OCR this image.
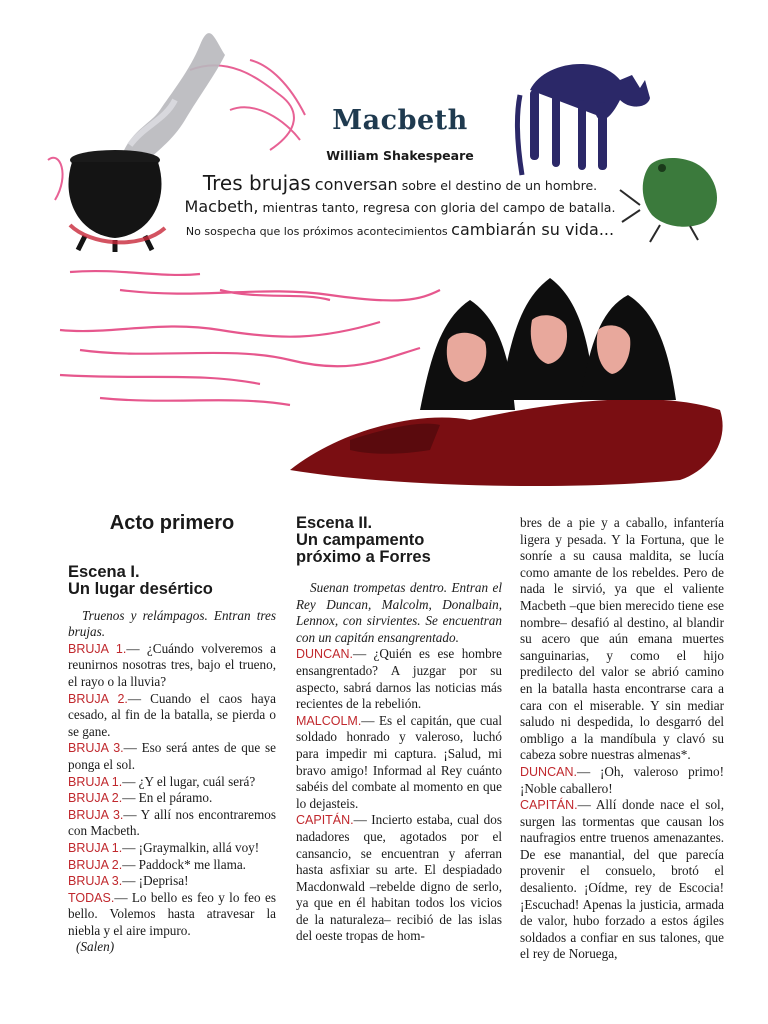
Macbeth
William Shakespeare
Tres brujas conversan sobre el destino de un hombre.
Macbeth, mientras tanto, regresa con gloria del campo de batalla.
No sospecha que los próximos acontecimientos cambiarán su vida...
Acto primero
Escena I.
Un lugar desértico

Truenos y relámpagos. Entran tres brujas.

BRUJA 1.— ¿Cuándo volveremos a reunirnos nosotras tres, bajo el trueno, el rayo o la lluvia?

BRUJA 2.— Cuando el caos haya cesado, al fin de la batalla, se pierda o se gane.

BRUJA 3.— Eso será antes de que se ponga el sol.

BRUJA 1.— ¿Y el lugar, cuál será?

BRUJA 2.— En el páramo.

BRUJA 3.— Y allí nos encontraremos con Macbeth.

BRUJA 1.— ¡Graymalkin, allá voy!

BRUJA 2.— Paddock* me llama.

BRUJA 3.— ¡Deprisa!

TODAS.— Lo bello es feo y lo feo es bello. Volemos hasta atravesar la niebla y el aire impuro.

(Salen)

Escena II.
Un campamento
próximo a Forres

Suenan trompetas dentro. Entran el Rey Duncan, Malcolm, Donalbain, Lennox, con sirvientes. Se encuentran con un capitán ensangrentado.

DUNCAN.— ¿Quién es ese hombre ensangrentado? A juzgar por su aspecto, sabrá darnos las noticias más recientes de la rebelión.

MALCOLM.— Es el capitán, que cual soldado honrado y valeroso, luchó para impedir mi captura. ¡Salud, mi bravo amigo! Informad al Rey cuánto sabéis del combate al momento en que lo dejasteis.

CAPITÁN.— Incierto estaba, cual dos nadadores que, agotados por el cansancio, se encuentran y aferran hasta asfixiar su arte. El despiadado Macdonwald –rebelde digno de serlo, ya que en él habitan todos los vicios de la naturaleza– recibió de las islas del oeste tropas de hom-

bres de a pie y a caballo, infantería ligera y pesada. Y la Fortuna, que le sonríe a su causa maldita, se lucía como amante de los rebeldes. Pero de nada le sirvió, ya que el valiente Macbeth –que bien merecido tiene ese nombre– desafió al destino, al blandir su acero que aún emana muertes sanguinarias, y como el hijo predilecto del valor se abrió camino en la batalla hasta encontrarse cara a cara con el miserable. Y sin mediar saludo ni despedida, lo desgarró del ombligo a la mandíbula y clavó su cabeza sobre nuestras almenas*.

DUNCAN.— ¡Oh, valeroso primo! ¡Noble caballero!

CAPITÁN.— Allí donde nace el sol, surgen las tormentas que causan los naufragios entre truenos amenazantes. De ese manantial, del que parecía provenir el consuelo, brotó el desaliento. ¡Oídme, rey de Escocia! ¡Escuchad! Apenas la justicia, armada de valor, hubo forzado a estos ágiles soldados a confiar en sus talones, que el rey de Noruega,
